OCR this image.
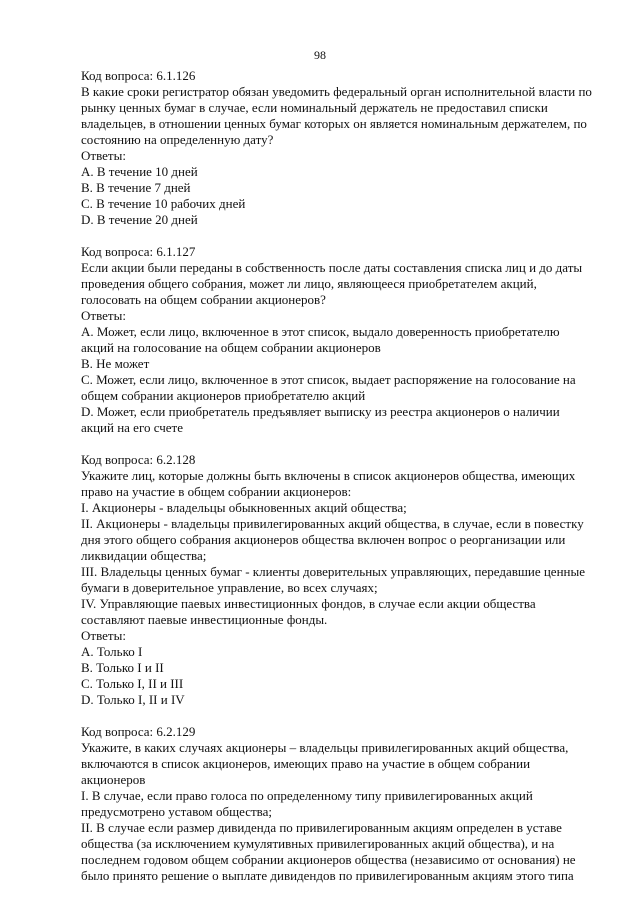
98
Код вопроса: 6.1.126
В какие сроки регистратор обязан уведомить федеральный орган исполнительной власти по
рынку ценных бумаг в случае, если номинальный держатель не предоставил списки
владельцев, в отношении ценных бумаг которых он является номинальным держателем, по
состоянию на определенную дату?
Ответы:
A. В течение 10 дней
B. В течение 7 дней
C. В течение 10 рабочих дней
D. В течение 20 дней
Код вопроса: 6.1.127
Если акции были переданы в собственность после даты составления списка лиц и до даты
проведения общего собрания, может ли лицо, являющееся приобретателем акций,
голосовать на общем собрании акционеров?
Ответы:
A. Может, если лицо, включенное в этот список, выдало доверенность приобретателю
акций на голосование на общем собрании акционеров
B. Не может
C. Может, если лицо, включенное в этот список, выдает распоряжение на голосование на
общем собрании акционеров приобретателю акций
D. Может, если приобретатель предъявляет выписку из реестра акционеров о наличии
акций на его счете
Код вопроса: 6.2.128
Укажите лиц, которые должны быть включены в список акционеров общества, имеющих
право на участие в общем собрании акционеров:
I. Акционеры - владельцы обыкновенных акций общества;
II. Акционеры - владельцы привилегированных акций общества, в случае, если в повестку
дня этого общего собрания акционеров общества включен вопрос о реорганизации или
ликвидации общества;
III. Владельцы ценных бумаг - клиенты доверительных управляющих, передавшие ценные
бумаги в доверительное управление, во всех случаях;
IV. Управляющие паевых инвестиционных фондов, в случае если акции общества
составляют паевые инвестиционные фонды.
Ответы:
A. Только I
B. Только I и II
C. Только I, II и III
D. Только I, II и IV
Код вопроса: 6.2.129
Укажите, в каких случаях акционеры – владельцы привилегированных акций общества,
включаются в список акционеров, имеющих право на участие в общем собрании
акционеров
I. В случае, если право голоса по определенному типу привилегированных акций
предусмотрено уставом общества;
II. В случае если размер дивиденда по привилегированным акциям определен в уставе
общества (за исключением кумулятивных привилегированных акций общества), и на
последнем годовом общем собрании акционеров общества (независимо от основания) не
было принято решение о выплате дивидендов по привилегированным акциям этого типа
